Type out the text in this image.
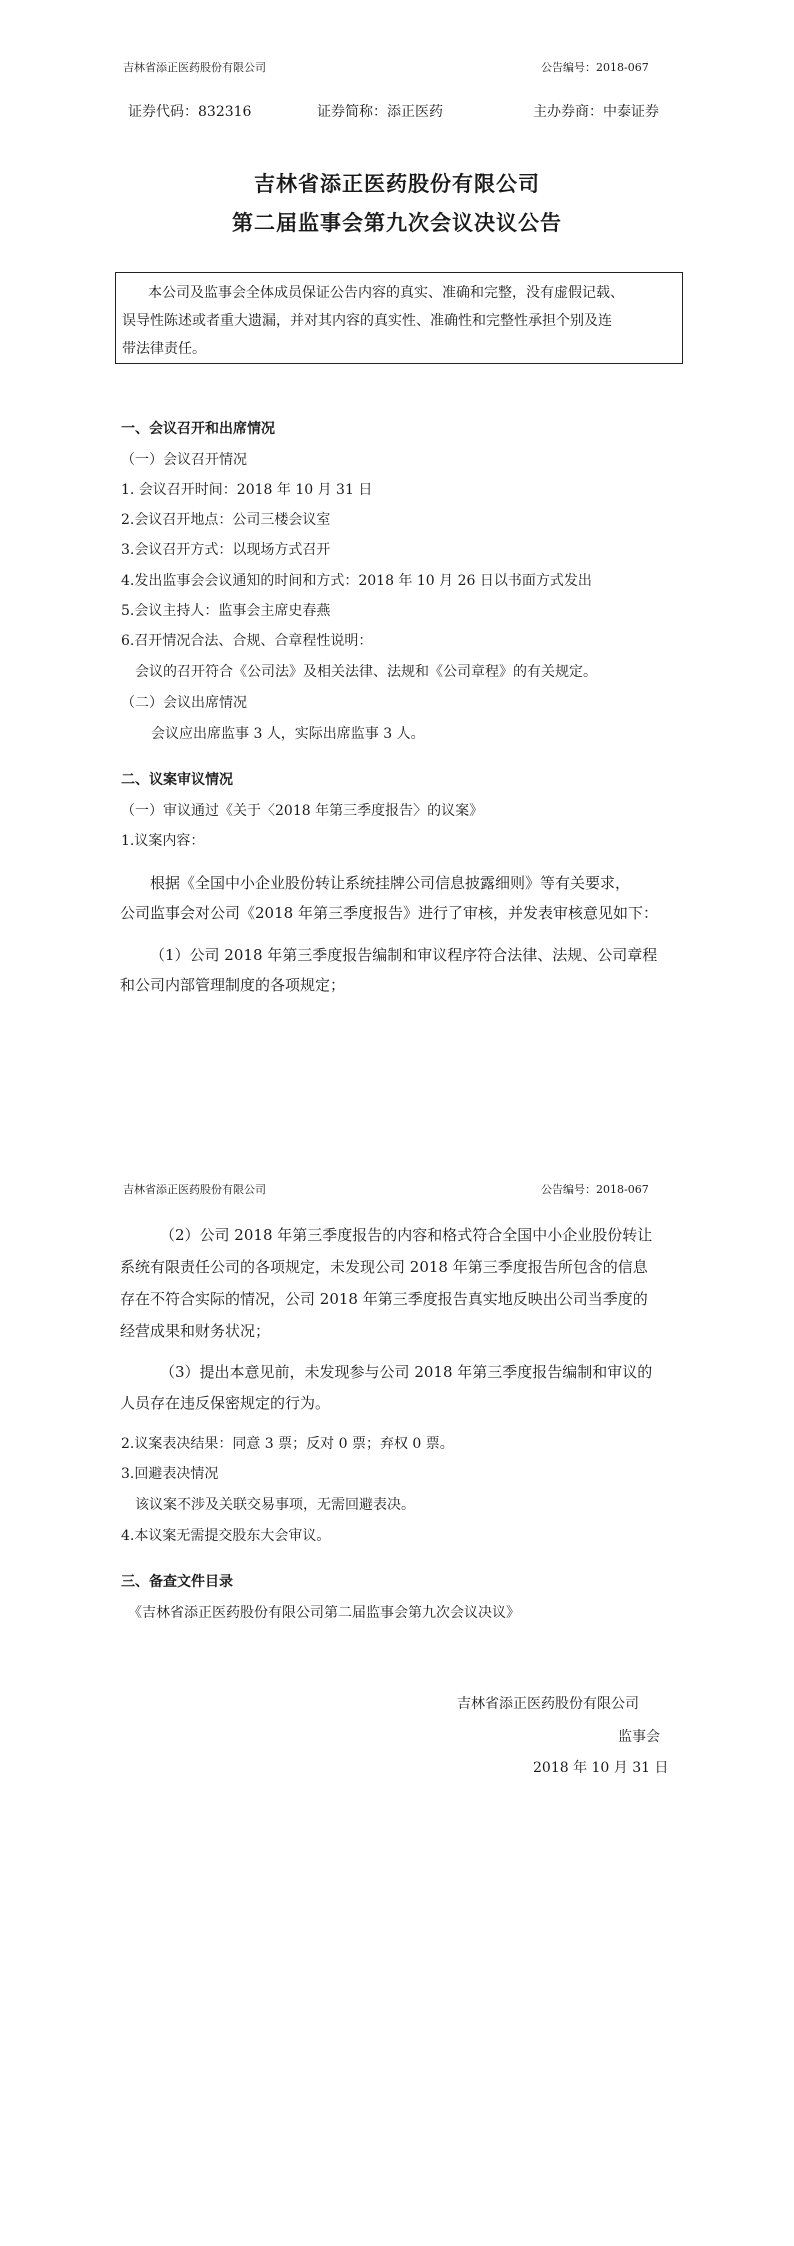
吉林省添正医药股份有限公司	公告编号：2018-067
证券代码：832316	证券简称：添正医药	主办券商：中泰证券
吉林省添正医药股份有限公司
第二届监事会第九次会议决议公告
本公司及监事会全体成员保证公告内容的真实、准确和完整，没有虚假记载、
误导性陈述或者重大遗漏，并对其内容的真实性、准确性和完整性承担个别及连
带法律责任。
一、会议召开和出席情况
（一）会议召开情况
1. 会议召开时间：2018 年 10 月 31 日
2.会议召开地点：公司三楼会议室
3.会议召开方式：以现场方式召开
4.发出监事会会议通知的时间和方式：2018 年 10 月 26 日以书面方式发出
5.会议主持人：监事会主席史春燕
6.召开情况合法、合规、合章程性说明：
会议的召开符合《公司法》及相关法律、法规和《公司章程》的有关规定。
（二）会议出席情况
会议应出席监事 3 人，实际出席监事 3 人。
二、议案审议情况
（一）审议通过《关于〈2018 年第三季度报告〉的议案》
1.议案内容：
根据《全国中小企业股份转让系统挂牌公司信息披露细则》等有关要求，
公司监事会对公司《2018 年第三季度报告》进行了审核，并发表审核意见如下：
（1）公司 2018 年第三季度报告编制和审议程序符合法律、法规、公司章程
和公司内部管理制度的各项规定；
吉林省添正医药股份有限公司	公告编号：2018-067
（2）公司 2018 年第三季度报告的内容和格式符合全国中小企业股份转让
系统有限责任公司的各项规定，未发现公司 2018 年第三季度报告所包含的信息
存在不符合实际的情况，公司 2018 年第三季度报告真实地反映出公司当季度的
经营成果和财务状况；
（3）提出本意见前，未发现参与公司 2018 年第三季度报告编制和审议的
人员存在违反保密规定的行为。
2.议案表决结果：同意 3 票；反对 0 票；弃权 0 票。
3.回避表决情况
该议案不涉及关联交易事项，无需回避表决。
4.本议案无需提交股东大会审议。
三、备查文件目录
《吉林省添正医药股份有限公司第二届监事会第九次会议决议》
吉林省添正医药股份有限公司
监事会
2018 年 10 月 31 日
